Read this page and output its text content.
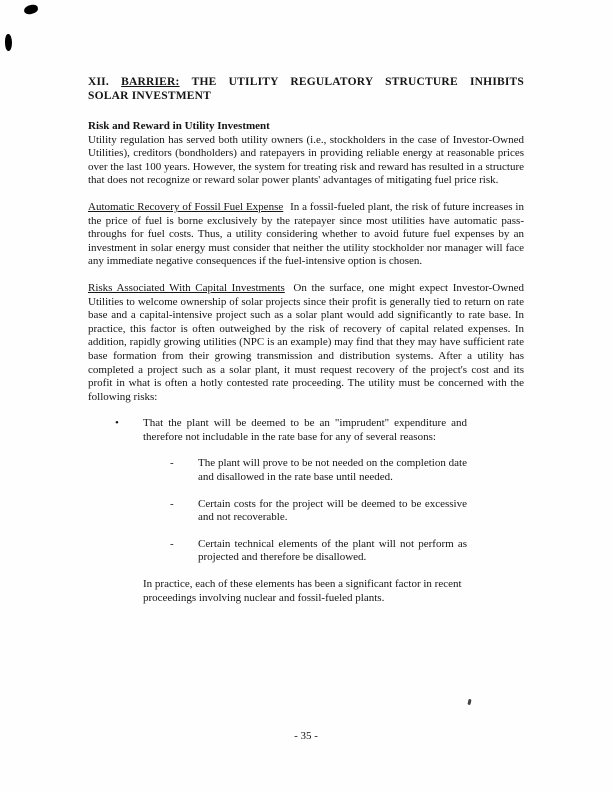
XII. BARRIER: THE UTILITY REGULATORY STRUCTURE INHIBITS
SOLAR INVESTMENT
Risk and Reward in Utility Investment

Utility regulation has served both utility owners (i.e., stockholders in the case of Investor-Owned Utilities), creditors (bondholders) and ratepayers in providing reliable energy at reasonable prices over the last 100 years. However, the system for treating risk and reward has resulted in a structure that does not recognize or reward solar power plants' advantages of mitigating fuel price risk.

Automatic Recovery of Fossil Fuel Expense In a fossil-fueled plant, the risk of future increases in the price of fuel is borne exclusively by the ratepayer since most utilities have automatic pass-throughs for fuel costs. Thus, a utility considering whether to avoid future fuel expenses by an investment in solar energy must consider that neither the utility stockholder nor manager will face any immediate negative consequences if the fuel-intensive option is chosen.

Risks Associated With Capital Investments On the surface, one might expect Investor-Owned Utilities to welcome ownership of solar projects since their profit is generally tied to return on rate base and a capital-intensive project such as a solar plant would add significantly to rate base. In practice, this factor is often outweighed by the risk of recovery of capital related expenses. In addition, rapidly growing utilities (NPC is an example) may find that they may have sufficient rate base formation from their growing transmission and distribution systems. After a utility has completed a project such as a solar plant, it must request recovery of the project's cost and its profit in what is often a hotly contested rate proceeding. The utility must be concerned with the following risks:

• That the plant will be deemed to be an "imprudent" expenditure and therefore not includable in the rate base for any of several reasons:
- The plant will prove to be not needed on the completion date and disallowed in the rate base until needed.
- Certain costs for the project will be deemed to be excessive and not recoverable.
- Certain technical elements of the plant will not perform as projected and therefore be disallowed.

In practice, each of these elements has been a significant factor in recent proceedings involving nuclear and fossil-fueled plants.

- 35 -
